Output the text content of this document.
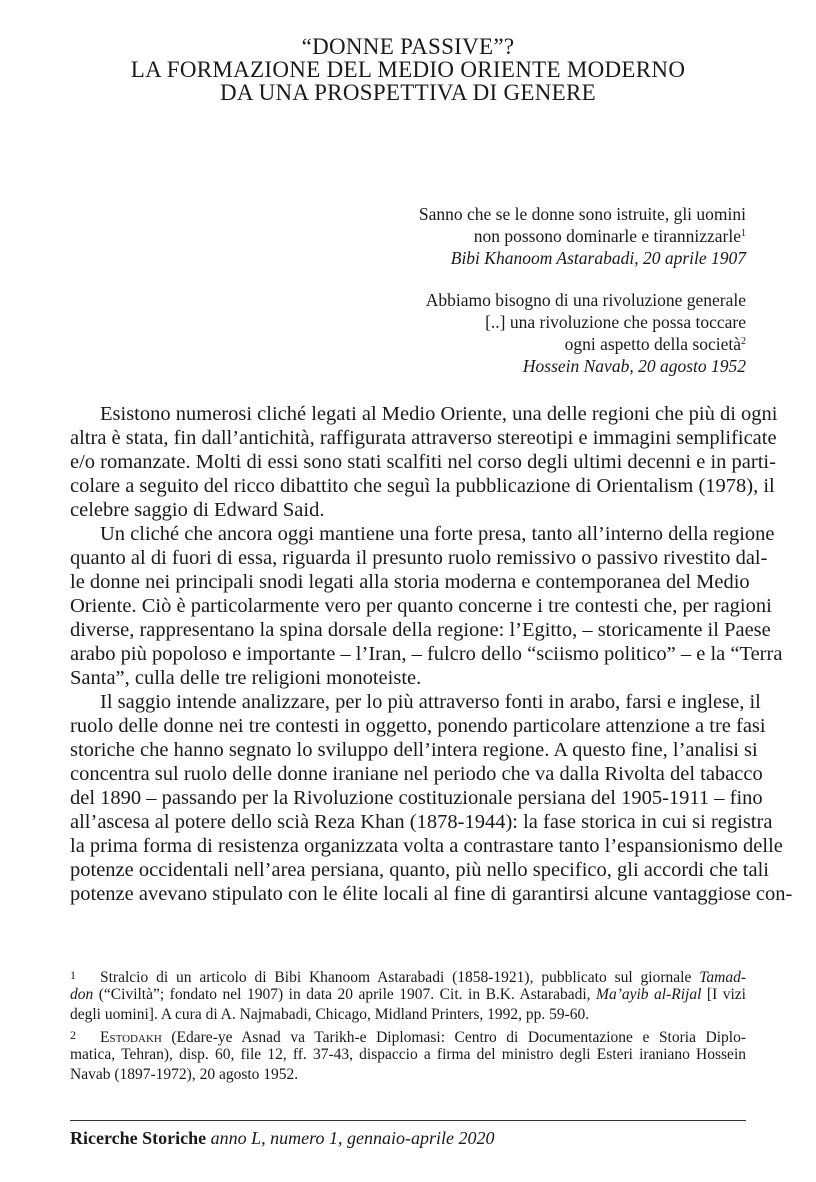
“DONNE PASSIVE”?
LA FORMAZIONE DEL MEDIO ORIENTE MODERNO
DA UNA PROSPETTIVA DI GENERE
Sanno che se le donne sono istruite, gli uomini
non possono dominarle e tirannizzarle$^1$
Bibi Khanoom Astarabadi, 20 aprile 1907
Abbiamo bisogno di una rivoluzione generale
[..] una rivoluzione che possa toccare
ogni aspetto della società$^2$
Hossein Navab, 20 agosto 1952
Esistono numerosi cliché legati al Medio Oriente, una delle regioni che più di ogni
altra è stata, fin dall’antichità, raffigurata attraverso stereotipi e immagini semplificate
e/o romanzate. Molti di essi sono stati scalfiti nel corso degli ultimi decenni e in parti-
colare a seguito del ricco dibattito che seguì la pubblicazione di Orientalism (1978), il
celebre saggio di Edward Said.
Un cliché che ancora oggi mantiene una forte presa, tanto all’interno della regione
quanto al di fuori di essa, riguarda il presunto ruolo remissivo o passivo rivestito dal-
le donne nei principali snodi legati alla storia moderna e contemporanea del Medio
Oriente. Ciò è particolarmente vero per quanto concerne i tre contesti che, per ragioni
diverse, rappresentano la spina dorsale della regione: l’Egitto, – storicamente il Paese
arabo più popoloso e importante – l’Iran, – fulcro dello “sciismo politico” – e la “Terra
Santa”, culla delle tre religioni monoteiste.
Il saggio intende analizzare, per lo più attraverso fonti in arabo, farsi e inglese, il
ruolo delle donne nei tre contesti in oggetto, ponendo particolare attenzione a tre fasi
storiche che hanno segnato lo sviluppo dell’intera regione. A questo fine, l’analisi si
concentra sul ruolo delle donne iraniane nel periodo che va dalla Rivolta del tabacco
del 1890 – passando per la Rivoluzione costituzionale persiana del 1905-1911 – fino
all’ascesa al potere dello scià Reza Khan (1878-1944): la fase storica in cui si registra
la prima forma di resistenza organizzata volta a contrastare tanto l’espansionismo delle
potenze occidentali nell’area persiana, quanto, più nello specifico, gli accordi che tali
potenze avevano stipulato con le élite locali al fine di garantirsi alcune vantaggiose con-
1 Stralcio di un articolo di Bibi Khanoom Astarabadi (1858-1921), pubblicato sul giornale Tamad-
don (“Civiltà”; fondato nel 1907) in data 20 aprile 1907. Cit. in B.K. Astarabadi, Ma’ayib al-Rijal [I vizi
degli uomini]. A cura di A. Najmabadi, Chicago, Midland Printers, 1992, pp. 59-60.
2 Estodakh (Edare-ye Asnad va Tarikh-e Diplomasi: Centro di Documentazione e Storia Diplo-
matica, Tehran), disp. 60, file 12, ff. 37-43, dispaccio a firma del ministro degli Esteri iraniano Hossein
Navab (1897-1972), 20 agosto 1952.
Ricerche Storiche anno L, numero 1, gennaio-aprile 2020
